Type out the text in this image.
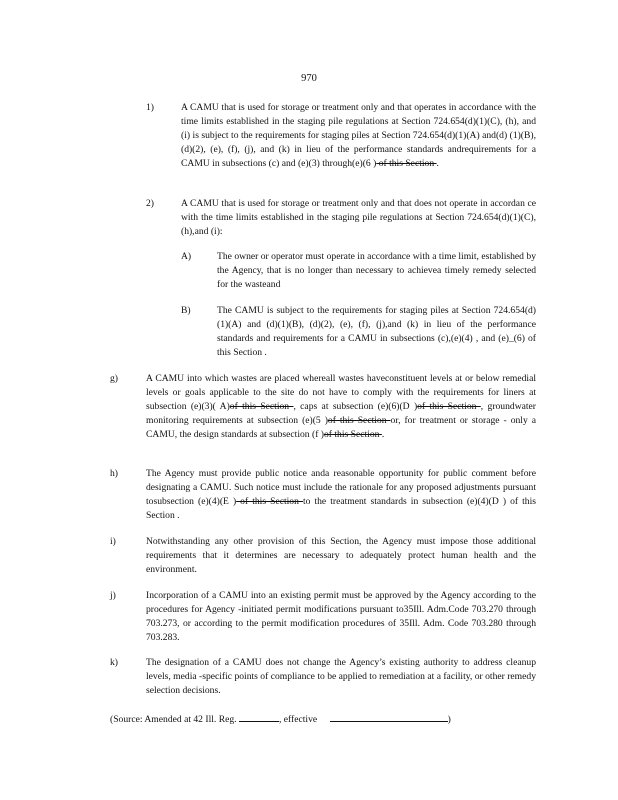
970
1)	A CAMU that is used for storage or treatment only and that operates in accordance with the time limits established in the staging pile regulations at Section 724.654(d)(1)(C), (h), and (i) is subject to the requirements for staging piles at Section 724.654(d)(1)(A) and(d) (1)(B), (d)(2), (e), (f), (j), and (k) in lieu of the performance standards andrequirements for a CAMU in subsections (c) and (e)(3) through(e)(6 ) of this Section .
2)	A CAMU that is used for storage or treatment only and that does not operate in accordan ce with the time limits established in the staging pile regulations at Section 724.654(d)(1)(C), (h),and (i):
A)	The owner or operator must operate in accordance with a time limit, established by the Agency, that is no longer than necessary to achievea timely remedy selected for the wasteand
B)	The CAMU is subject to the requirements for staging piles at Section 724.654(d)(1)(A) and (d)(1)(B), (d)(2), (e), (f), (j),and (k) in lieu of the performance standards and requirements for a CAMU in subsections (c),(e)(4) , and (e)_(6) of this Section .
g)	A CAMU into which wastes are placed whereall wastes haveconstituent levels at or below remedial levels or goals applicable to the site do not have to comply with the requirements for liners at subsection (e)(3)( A)of this Section , caps at subsection (e)(6)(D )of this Section , groundwater monitoring requirements at subsection (e)(5 )of this Section or, for treatment or storage - only a CAMU, the design standards at subsection (f )of this Section .
h)	The Agency must provide public notice anda reasonable opportunity for public comment before designating a CAMU. Such notice must include the rationale for any proposed adjustments pursuant tosubsection (e)(4)(E ) of this Section to the treatment standards in subsection (e)(4)(D ) of this Section .
i)	Notwithstanding any other provision of this Section, the Agency must impose those additional requirements that it determines are necessary to adequately protect human health and the environment.
j)	Incorporation of a CAMU into an existing permit must be approved by the Agency according to the procedures for Agency -initiated permit modifications pursuant to35Ill. Adm.Code 703.270 through 703.273, or according to the permit modification procedures of 35Ill. Adm. Code 703.280 through 703.283.
k)	The designation of a CAMU does not change the Agency’s existing authority to address cleanup levels, media -specific points of compliance to be applied to remediation at a facility, or other remedy selection decisions.
(Source: Amended at 42 Ill. Reg.	, effective	)
